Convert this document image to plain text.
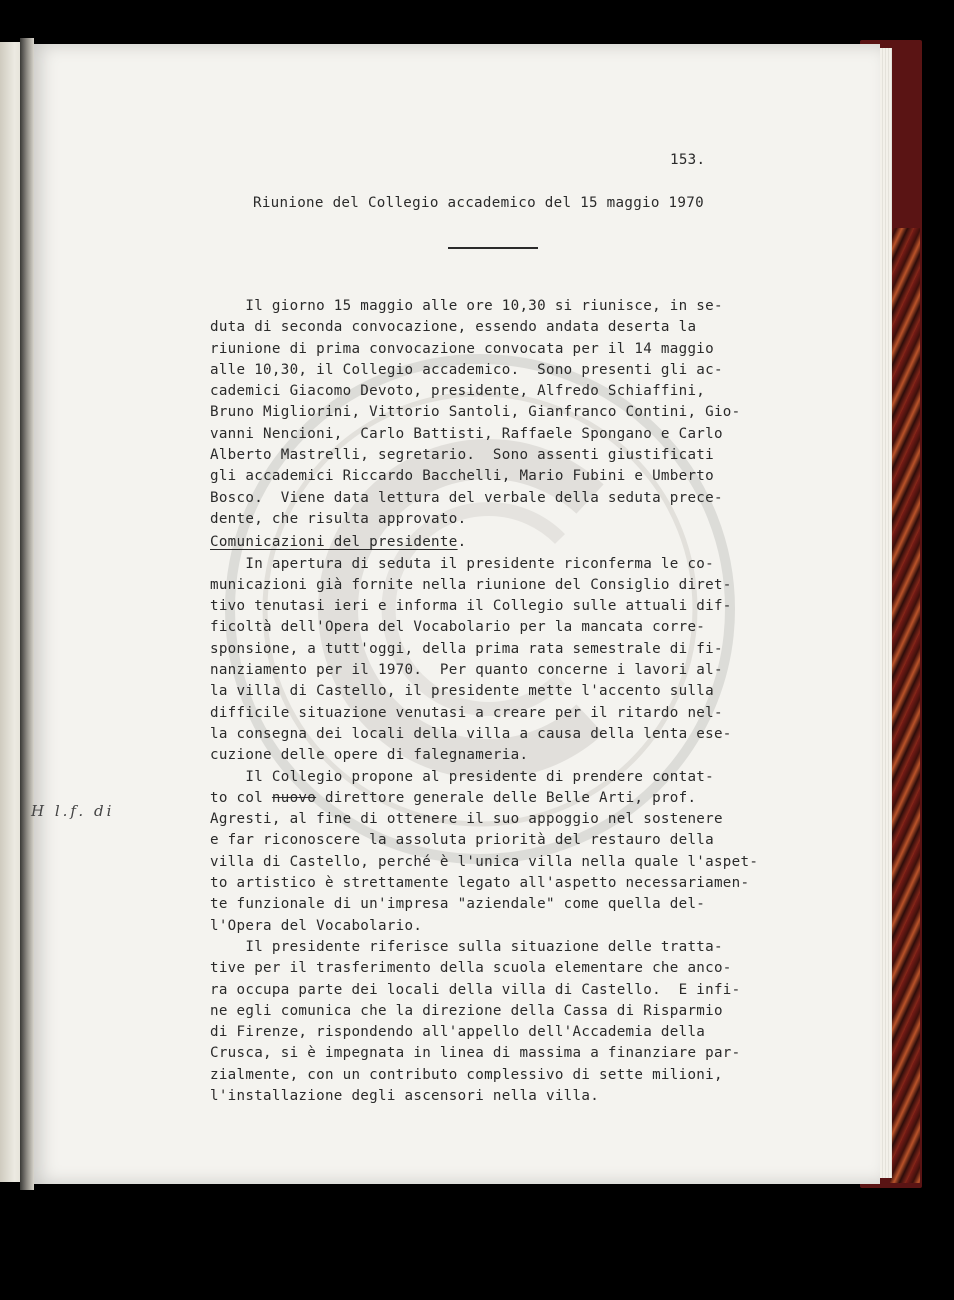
153.
Riunione del Collegio accademico del 15 maggio 1970
Il giorno 15 maggio alle ore 10,30 si riunisce, in se-
duta di seconda convocazione, essendo andata deserta la
riunione di prima convocazione convocata per il 14 maggio
alle 10,30, il Collegio accademico.  Sono presenti gli ac-
cademici Giacomo Devoto, presidente, Alfredo Schiaffini,
Bruno Migliorini, Vittorio Santoli, Gianfranco Contini, Gio-
vanni Nencioni,  Carlo Battisti, Raffaele Spongano e Carlo
Alberto Mastrelli, segretario.  Sono assenti giustificati
gli accademici Riccardo Bacchelli, Mario Fubini e Umberto
Bosco.  Viene data lettura del verbale della seduta prece-
dente, che risulta approvato.
Comunicazioni del presidente.
In apertura di seduta il presidente riconferma le co-
municazioni già fornite nella riunione del Consiglio diret-
tivo tenutasi ieri e informa il Collegio sulle attuali dif-
ficoltà dell'Opera del Vocabolario per la mancata corre-
sponsione, a tutt'oggi, della prima rata semestrale di fi-
nanziamento per il 1970.  Per quanto concerne i lavori al-
la villa di Castello, il presidente mette l'accento sulla
difficile situazione venutasi a creare per il ritardo nel-
la consegna dei locali della villa a causa della lenta ese-
cuzione delle opere di falegnameria.
Il Collegio propone al presidente di prendere contat-
to col nuovo direttore generale delle Belle Arti, prof.
Agresti, al fine di ottenere il suo appoggio nel sostenere
e far riconoscere la assoluta priorità del restauro della
villa di Castello, perché è l'unica villa nella quale l'aspet-
to artistico è strettamente legato all'aspetto necessariamen-
te funzionale di un'impresa "aziendale" come quella del-
l'Opera del Vocabolario.
Il presidente riferisce sulla situazione delle tratta-
tive per il trasferimento della scuola elementare che anco-
ra occupa parte dei locali della villa di Castello.  E infi-
ne egli comunica che la direzione della Cassa di Risparmio
di Firenze, rispondendo all'appello dell'Accademia della
Crusca, si è impegnata in linea di massima a finanziare par-
zialmente, con un contributo complessivo di sette milioni,
l'installazione degli ascensori nella villa.
H l.f. di
